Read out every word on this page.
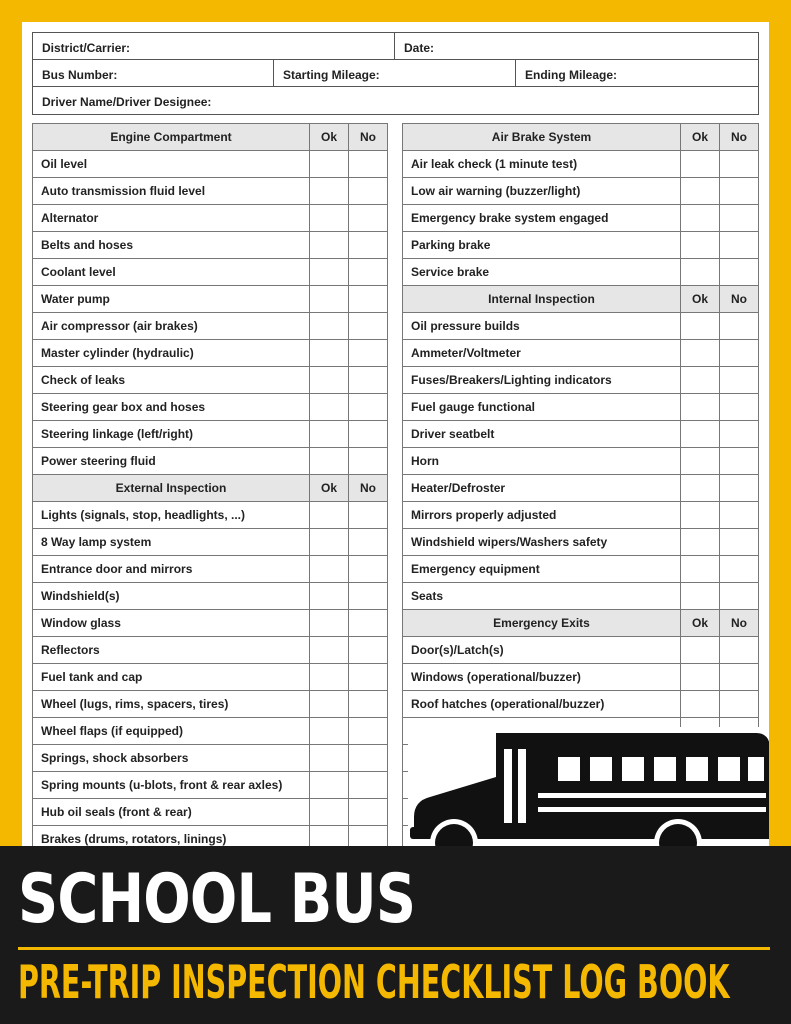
District/Carrier:	Date:
Bus Number:	Starting Mileage:	Ending Mileage:
Driver Name/Driver Designee:
Engine Compartment	Ok	No
Oil level		
Auto transmission fluid level		
Alternator		
Belts and hoses		
Coolant level		
Water pump		
Air compressor (air brakes)		
Master cylinder (hydraulic)		
Check of leaks		
Steering gear box and hoses		
Steering linkage (left/right)		
Power steering fluid		
External Inspection	Ok	No
Lights (signals, stop, headlights, ...)		
8 Way lamp system		
Entrance door and mirrors		
Windshield(s)		
Window glass		
Reflectors		
Fuel tank and cap		
Wheel (lugs, rims, spacers, tires)		
Wheel flaps (if equipped)		
Springs, shock absorbers		
Spring mounts (u-blots, front & rear axles)		
Hub oil seals (front & rear)		
Brakes (drums, rotators, linings)		
Air Brake System	Ok	No
Air leak check (1 minute test)		
Low air warning (buzzer/light)		
Emergency brake system engaged		
Parking brake		
Service brake		
Internal Inspection	Ok	No
Oil pressure builds		
Ammeter/Voltmeter		
Fuses/Breakers/Lighting indicators		
Fuel gauge functional		
Driver seatbelt		
Horn		
Heater/Defroster		
Mirrors properly adjusted		
Windshield wipers/Washers safety		
Emergency equipment		
Seats		
Emergency Exits	Ok	No
Door(s)/Latch(s)		
Windows (operational/buzzer)		
Roof hatches (operational/buzzer)		

SCHOOL BUS
PRE-TRIP INSPECTION CHECKLIST LOG BOOK
